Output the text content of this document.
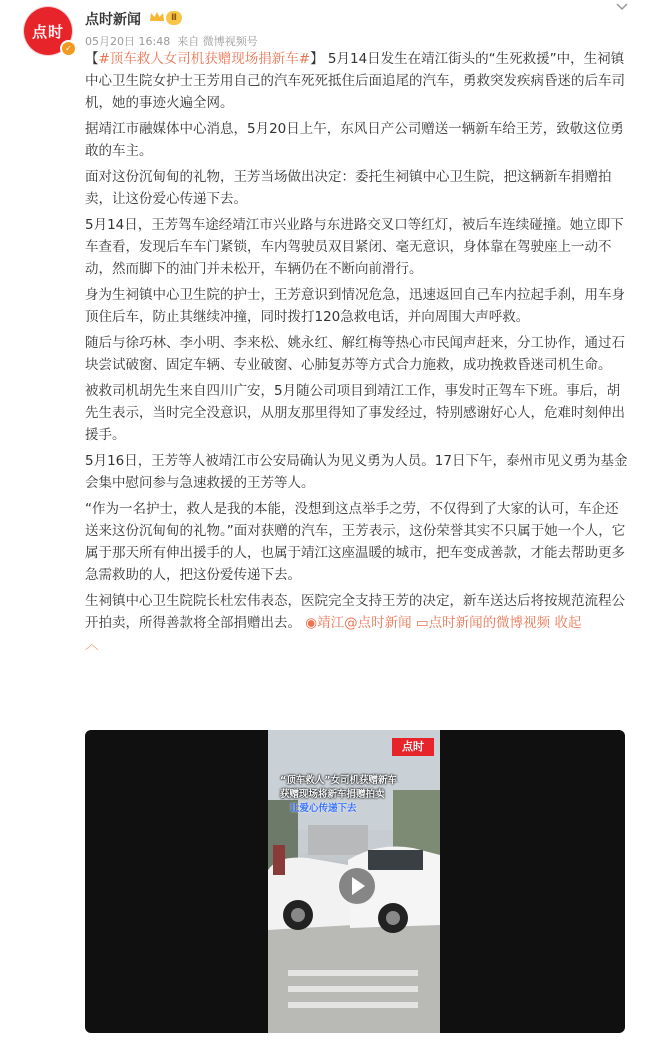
点时
✓
点时新闻	Ⅱ
05月20日 16:48 来自 微博视频号

【#顶车救人女司机获赠现场捐新车#】 5月14日发生在靖江街头的“生死救援”中，生祠镇中心卫生院女护士王芳用自己的汽车死死抵住后面追尾的汽车，勇救突发疾病昏迷的后车司机，她的事迹火遍全网。

据靖江市融媒体中心消息，5月20日上午，东风日产公司赠送一辆新车给王芳，致敬这位勇敢的车主。

面对这份沉甸甸的礼物，王芳当场做出决定：委托生祠镇中心卫生院，把这辆新车捐赠拍卖，让这份爱心传递下去。

5月14日，王芳驾车途经靖江市兴业路与东进路交叉口等红灯，被后车连续碰撞。她立即下车查看，发现后车车门紧锁，车内驾驶员双目紧闭、毫无意识，身体靠在驾驶座上一动不动，然而脚下的油门并未松开，车辆仍在不断向前滑行。

身为生祠镇中心卫生院的护士，王芳意识到情况危急，迅速返回自己车内拉起手刹，用车身顶住后车，防止其继续冲撞，同时拨打120急救电话，并向周围大声呼救。

随后与徐巧林、李小明、李来松、姚永红、解红梅等热心市民闻声赶来，分工协作，通过石块尝试破窗、固定车辆、专业破窗、心肺复苏等方式合力施救，成功挽救昏迷司机生命。

被救司机胡先生来自四川广安，5月随公司项目到靖江工作，事发时正驾车下班。事后，胡先生表示，当时完全没意识，从朋友那里得知了事发经过，特别感谢好心人，危难时刻伸出援手。

5月16日，王芳等人被靖江市公安局确认为见义勇为人员。17日下午，泰州市见义勇为基金会集中慰问参与急速救援的王芳等人。

“作为一名护士，救人是我的本能，没想到这点举手之劳，不仅得到了大家的认可，车企还送来这份沉甸甸的礼物。”面对获赠的汽车，王芳表示，这份荣誉其实不只属于她一个人，它属于那天所有伸出援手的人，也属于靖江这座温暖的城市，把车变成善款，才能去帮助更多急需救助的人，把这份爱传递下去。

生祠镇中心卫生院院长杜宏伟表态，医院完全支持王芳的决定，新车送达后将按规范流程公开拍卖，所得善款将全部捐赠出去。 ◉靖江@点时新闻 ▭点时新闻的微博视频 收起
︿

点时
“顶车救人”女司机获赠新车
获赠现场将新车捐赠拍卖
让爱心传递下去
